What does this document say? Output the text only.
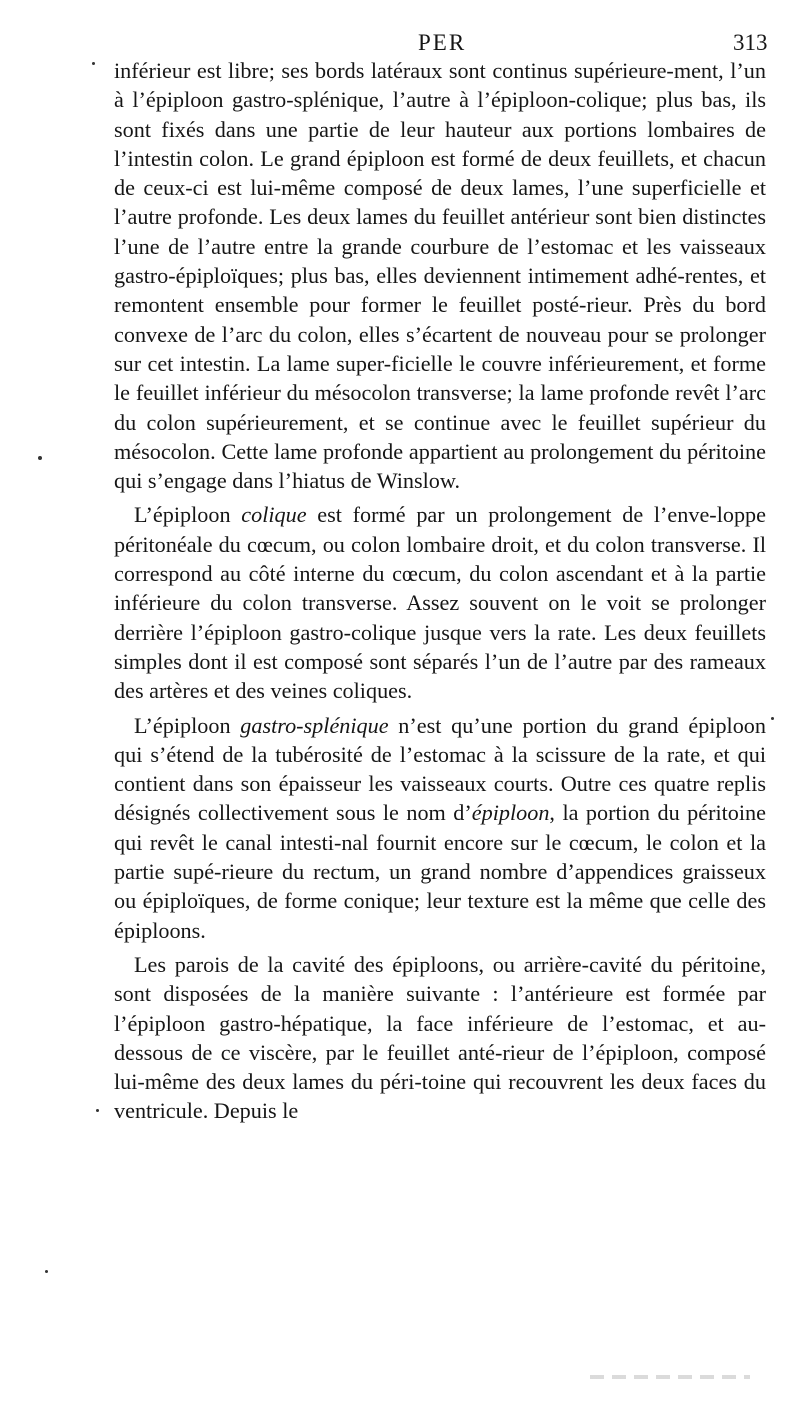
PER	313

inférieur est libre; ses bords latéraux sont continus supérieure-ment, l’un à l’épiploon gastro-splénique, l’autre à l’épiploon-colique; plus bas, ils sont fixés dans une partie de leur hauteur aux portions lombaires de l’intestin colon. Le grand épiploon est formé de deux feuillets, et chacun de ceux-ci est lui-même composé de deux lames, l’une superficielle et l’autre profonde. Les deux lames du feuillet antérieur sont bien distinctes l’une de l’autre entre la grande courbure de l’estomac et les vaisseaux gastro-épiploïques; plus bas, elles deviennent intimement adhé-rentes, et remontent ensemble pour former le feuillet posté-rieur. Près du bord convexe de l’arc du colon, elles s’écartent de nouveau pour se prolonger sur cet intestin. La lame super-ficielle le couvre inférieurement, et forme le feuillet inférieur du mésocolon transverse; la lame profonde revêt l’arc du colon supérieurement, et se continue avec le feuillet supérieur du mésocolon. Cette lame profonde appartient au prolongement du péritoine qui s’engage dans l’hiatus de Winslow.

L’épiploon colique est formé par un prolongement de l’enve-loppe péritonéale du cœcum, ou colon lombaire droit, et du colon transverse. Il correspond au côté interne du cœcum, du colon ascendant et à la partie inférieure du colon transverse. Assez souvent on le voit se prolonger derrière l’épiploon gastro-colique jusque vers la rate. Les deux feuillets simples dont il est composé sont séparés l’un de l’autre par des rameaux des artères et des veines coliques.

L’épiploon gastro-splénique n’est qu’une portion du grand épiploon qui s’étend de la tubérosité de l’estomac à la scissure de la rate, et qui contient dans son épaisseur les vaisseaux courts. Outre ces quatre replis désignés collectivement sous le nom d’épiploon, la portion du péritoine qui revêt le canal intesti-nal fournit encore sur le cœcum, le colon et la partie supé-rieure du rectum, un grand nombre d’appendices graisseux ou épiploïques, de forme conique; leur texture est la même que celle des épiploons.

Les parois de la cavité des épiploons, ou arrière-cavité du péritoine, sont disposées de la manière suivante : l’antérieure est formée par l’épiploon gastro-hépatique, la face inférieure de l’estomac, et au-dessous de ce viscère, par le feuillet anté-rieur de l’épiploon, composé lui-même des deux lames du péri-toine qui recouvrent les deux faces du ventricule. Depuis le
